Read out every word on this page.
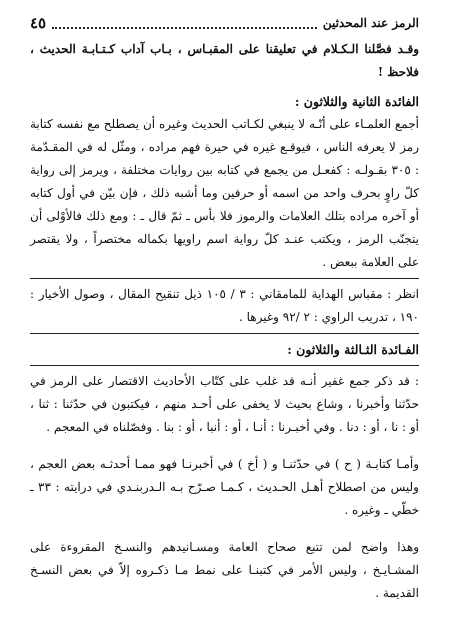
الرمز عند المحدثين
٤٥

وقـد فصَّلنا الـكـلام في تعليقنا على المقبـاس ، بـاب آداب كـتـابـة الحديث ، فلاحظ !

الفائدة الثانية والثلاثون :

أجمع العلمـاء على أنّـه لا ينبغي لكـاتب الحديث وغيره أن يصطلح مع نفسه كتابة رمز لا يعرفه الناس ، فيوقـع غيره في حيرة فهم مراده ، ومثّل له في المقـدّمة : ٣٠٥ بقـولـه : كفعـل من يجمع في كتابه بين روايات مختلفة ، ويرمز إلى رواية كلّ راوٍ بحرف واحد من اسمه أو حرفين وما أشبه ذلك ، فإن بيّن في أول كتابه أو آخره مراده بتلك العلامات والرموز فلا بأس ـ ثمّ قال ـ : ومع ذلك فالأوْلى أن يتجنّب الرمز ، ويكتب عنـد كلّ رواية اسم راويها بكماله مختصراً ، ولا يقتصر على العلامة ببعض .

انظر : مقباس الهداية للمامقاني : ٣ / ١٠٥ ذيل تنقيح المقال ، وصول الأخيار : ١٩٠ ، تدريب الراوي : ٢ /٩٢ وغيرها .

الفـائدة الثـالثة والثلاثون :

: قد ذكر جمع غفير أنـه قد غلب على كتّاب الأحاديث الاقتصار على الرمز في حدّثنا وأخبرنا ، وشاع بحيث لا يخفى على أحـد منهم ، فيكتبون في حدّثنا : ثنا ، أو : نا ، أو : دنا . وفي أخبـرنا : أنـا ، أو : أنبا ، أو : بنا . وفصّلناه في المعجم .

وأمـا كتابـة ( ح ) في حدّثنـا و ( أخ ) في أخبرنـا فهو ممـا أحدثـه بعض العجم ، وليس من اصطلاح أهـل الحـديث ، كـمـا صـرّح بـه الـدربنـدي في درايته : ٣٣ ـ خطّي ـ وغيره .

وهذا واضح لمن تتبع صحاح العامة ومسـانيدهم والنسـخ المقروءة على المشـايـخ ، وليس الأمر في كتبنـا على نمط مـا ذكـروه إلاّ في بعض النسـخ القديمة .
